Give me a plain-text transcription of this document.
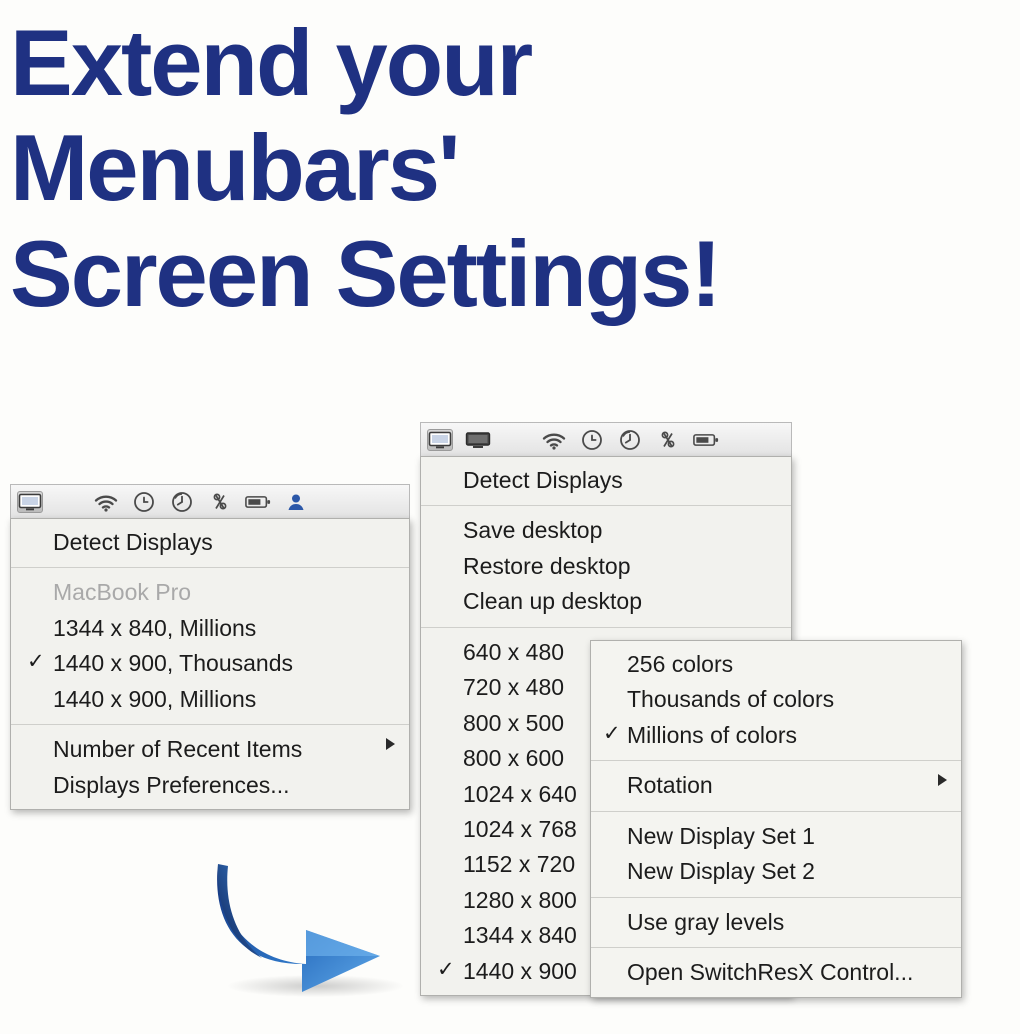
Extend your
Menubars'
Screen Settings!
Detect Displays
Save desktop
Restore desktop
Clean up desktop
640 x 480
720 x 480
800 x 500
800 x 600
1024 x 640
1024 x 768
1152 x 720
1280 x 800
1344 x 840
✓ 1440 x 900
256 colors
Thousands of colors
✓ Millions of colors
Rotation
New Display Set 1
New Display Set 2
Use gray levels
Open SwitchResX Control...
Detect Displays
MacBook Pro
1344 x 840, Millions
✓ 1440 x 900, Thousands
1440 x 900, Millions
Number of Recent Items
Displays Preferences...
